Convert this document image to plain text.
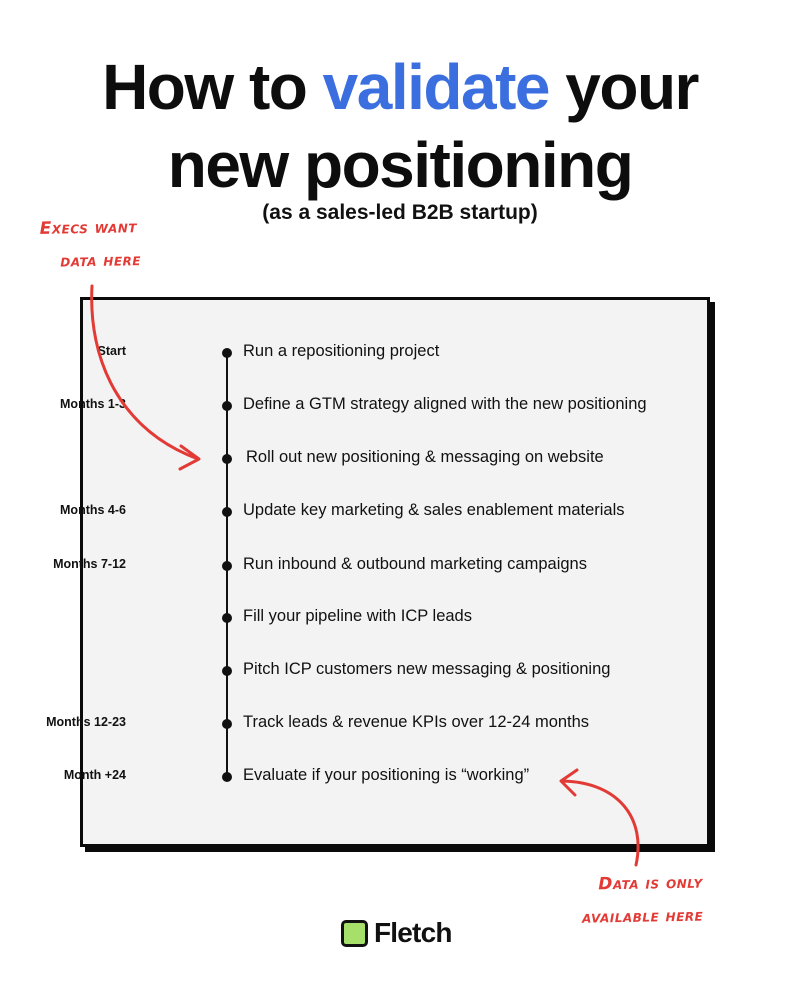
How to validate your
new positioning
(as a sales-led B2B startup)
Execs want
data here
Start	Run a repositioning project
Months 1-3	Define a GTM strategy aligned with the new positioning
Roll out new positioning & messaging on website
Months 4-6	Update key marketing & sales enablement materials
Months 7-12	Run inbound & outbound marketing campaigns
Fill your pipeline with ICP leads
Pitch ICP customers new messaging & positioning
Months 12-23	Track leads & revenue KPIs over 12-24 months
Month +24	Evaluate if your positioning is “working”
Data is only
available here
Fletch
